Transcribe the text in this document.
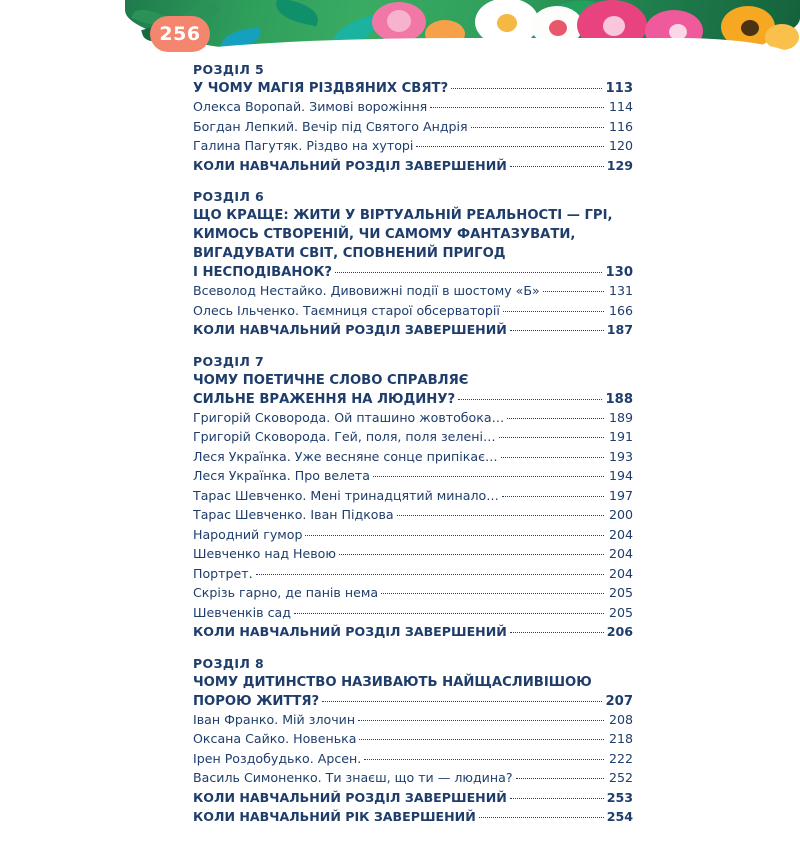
256
РОЗДІЛ 5
У ЧОМУ МАГІЯ РІЗДВЯНИХ СВЯТ?	113
Олекса Воропай. Зимові ворожіння	114
Богдан Лепкий. Вечір під Святого Андрія	116
Галина Пагутяк. Різдво на хуторі	120
КОЛИ НАВЧАЛЬНИЙ РОЗДІЛ ЗАВЕРШЕНИЙ	129
РОЗДІЛ 6
ЩО КРАЩЕ: ЖИТИ У ВІРТУАЛЬНІЙ РЕАЛЬНОСТІ — ГРІ,
КИМОСЬ СТВОРЕНІЙ, ЧИ САМОМУ ФАНТАЗУВАТИ,
ВИГАДУВАТИ СВІТ, СПОВНЕНИЙ ПРИГОД
І НЕСПОДІВАНОК?	130
Всеволод Нестайко. Дивовижні події в шостому «Б»	131
Олесь Ільченко. Таємниця старої обсерваторії	166
КОЛИ НАВЧАЛЬНИЙ РОЗДІЛ ЗАВЕРШЕНИЙ	187
РОЗДІЛ 7
ЧОМУ ПОЕТИЧНЕ СЛОВО СПРАВЛЯЄ
СИЛЬНЕ ВРАЖЕННЯ НА ЛЮДИНУ?	188
Григорій Сковорода. Ой пташино жовтобока…	189
Григорій Сковорода. Гей, поля, поля зелені…	191
Леся Українка. Уже весняне сонце припікає…	193
Леся Українка. Про велета	194
Тарас Шевченко. Мені тринадцятий минало…	197
Тарас Шевченко. Іван Підкова	200
Народний гумор	204
Шевченко над Невою	204
Портрет.	204
Скрізь гарно, де панів нема	205
Шевченків сад	205
КОЛИ НАВЧАЛЬНИЙ РОЗДІЛ ЗАВЕРШЕНИЙ	206
РОЗДІЛ 8
ЧОМУ ДИТИНСТВО НАЗИВАЮТЬ НАЙЩАСЛИВІШОЮ
ПОРОЮ ЖИТТЯ?	207
Іван Франко. Мій злочин	208
Оксана Сайко. Новенька	218
Ірен Роздобудько. Арсен.	222
Василь Симоненко. Ти знаєш, що ти — людина?	252
КОЛИ НАВЧАЛЬНИЙ РОЗДІЛ ЗАВЕРШЕНИЙ	253
КОЛИ НАВЧАЛЬНИЙ РІК ЗАВЕРШЕНИЙ	254
